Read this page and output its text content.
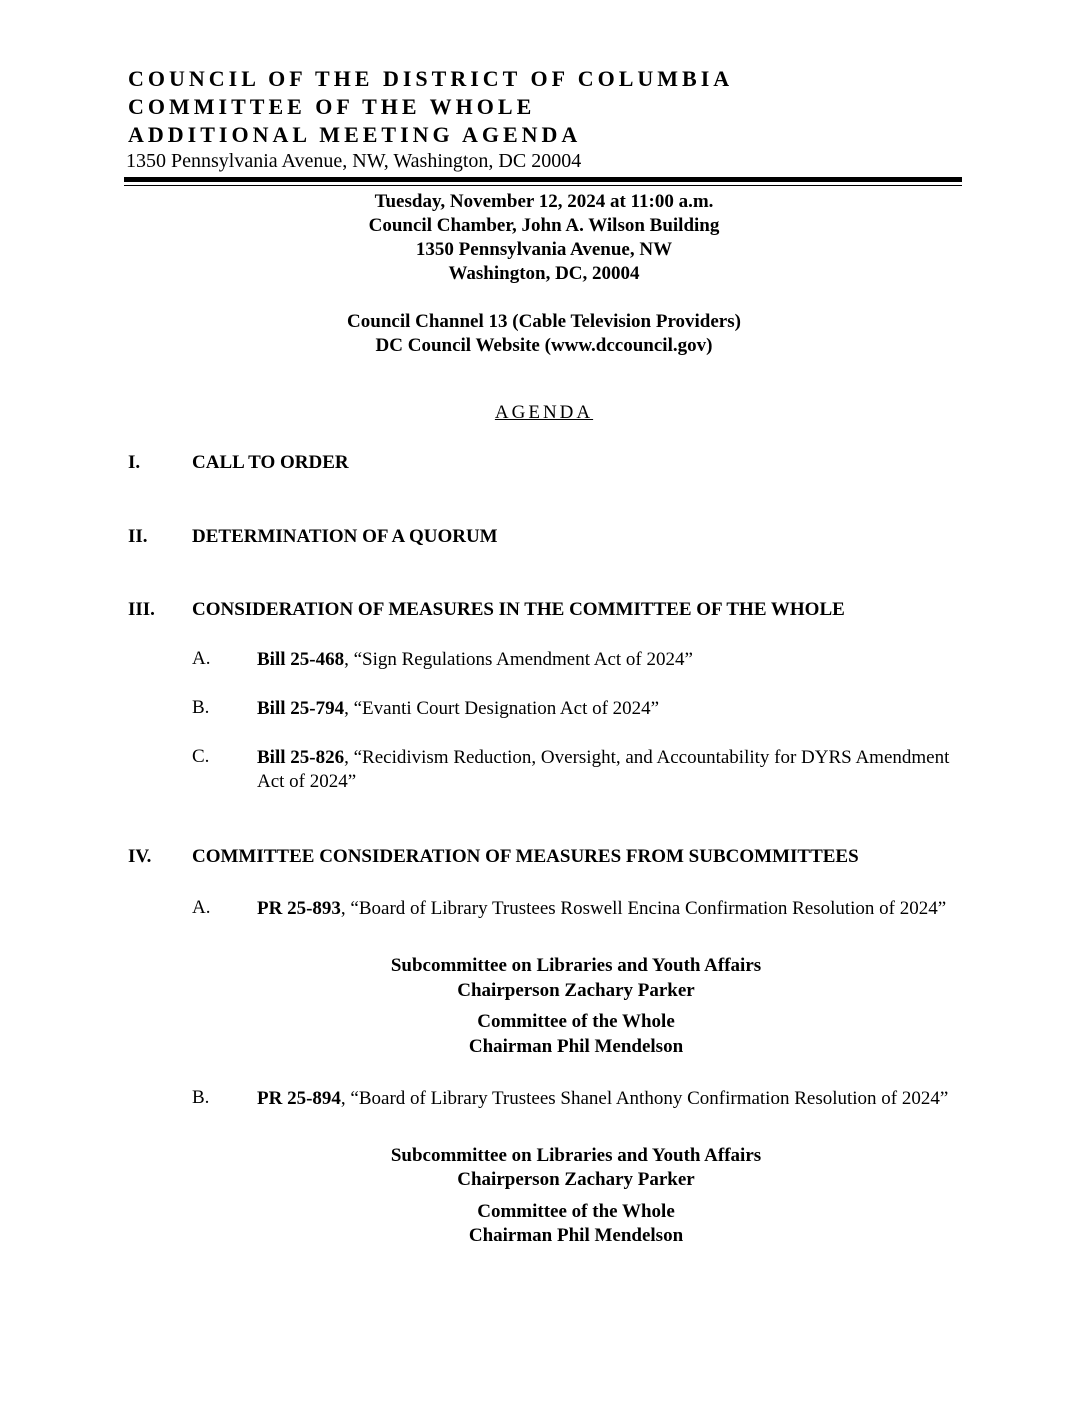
COUNCIL OF THE DISTRICT OF COLUMBIA
COMMITTEE OF THE WHOLE
ADDITIONAL MEETING AGENDA
1350 Pennsylvania Avenue, NW, Washington, DC 20004
Tuesday, November 12, 2024 at 11:00 a.m.
Council Chamber, John A. Wilson Building
1350 Pennsylvania Avenue, NW
Washington, DC, 20004
Council Channel 13 (Cable Television Providers)
DC Council Website (www.dccouncil.gov)
AGENDA
I.	CALL TO ORDER
II. DETERMINATION OF A QUORUM
III. CONSIDERATION OF MEASURES IN THE COMMITTEE OF THE WHOLE
A. Bill 25-468, “Sign Regulations Amendment Act of 2024”
B.	Bill 25-794, “Evanti Court Designation Act of 2024”
C.	Bill 25-826, “Recidivism Reduction, Oversight, and Accountability for DYRS Amendment Act of 2024”
IV. COMMITTEE CONSIDERATION OF MEASURES FROM SUBCOMMITTEES
A. PR 25-893, “Board of Library Trustees Roswell Encina Confirmation Resolution of 2024”
Subcommittee on Libraries and Youth Affairs
Chairperson Zachary Parker
Committee of the Whole
Chairman Phil Mendelson
B.	PR 25-894, “Board of Library Trustees Shanel Anthony Confirmation Resolution of 2024”
Subcommittee on Libraries and Youth Affairs
Chairperson Zachary Parker
Committee of the Whole
Chairman Phil Mendelson
